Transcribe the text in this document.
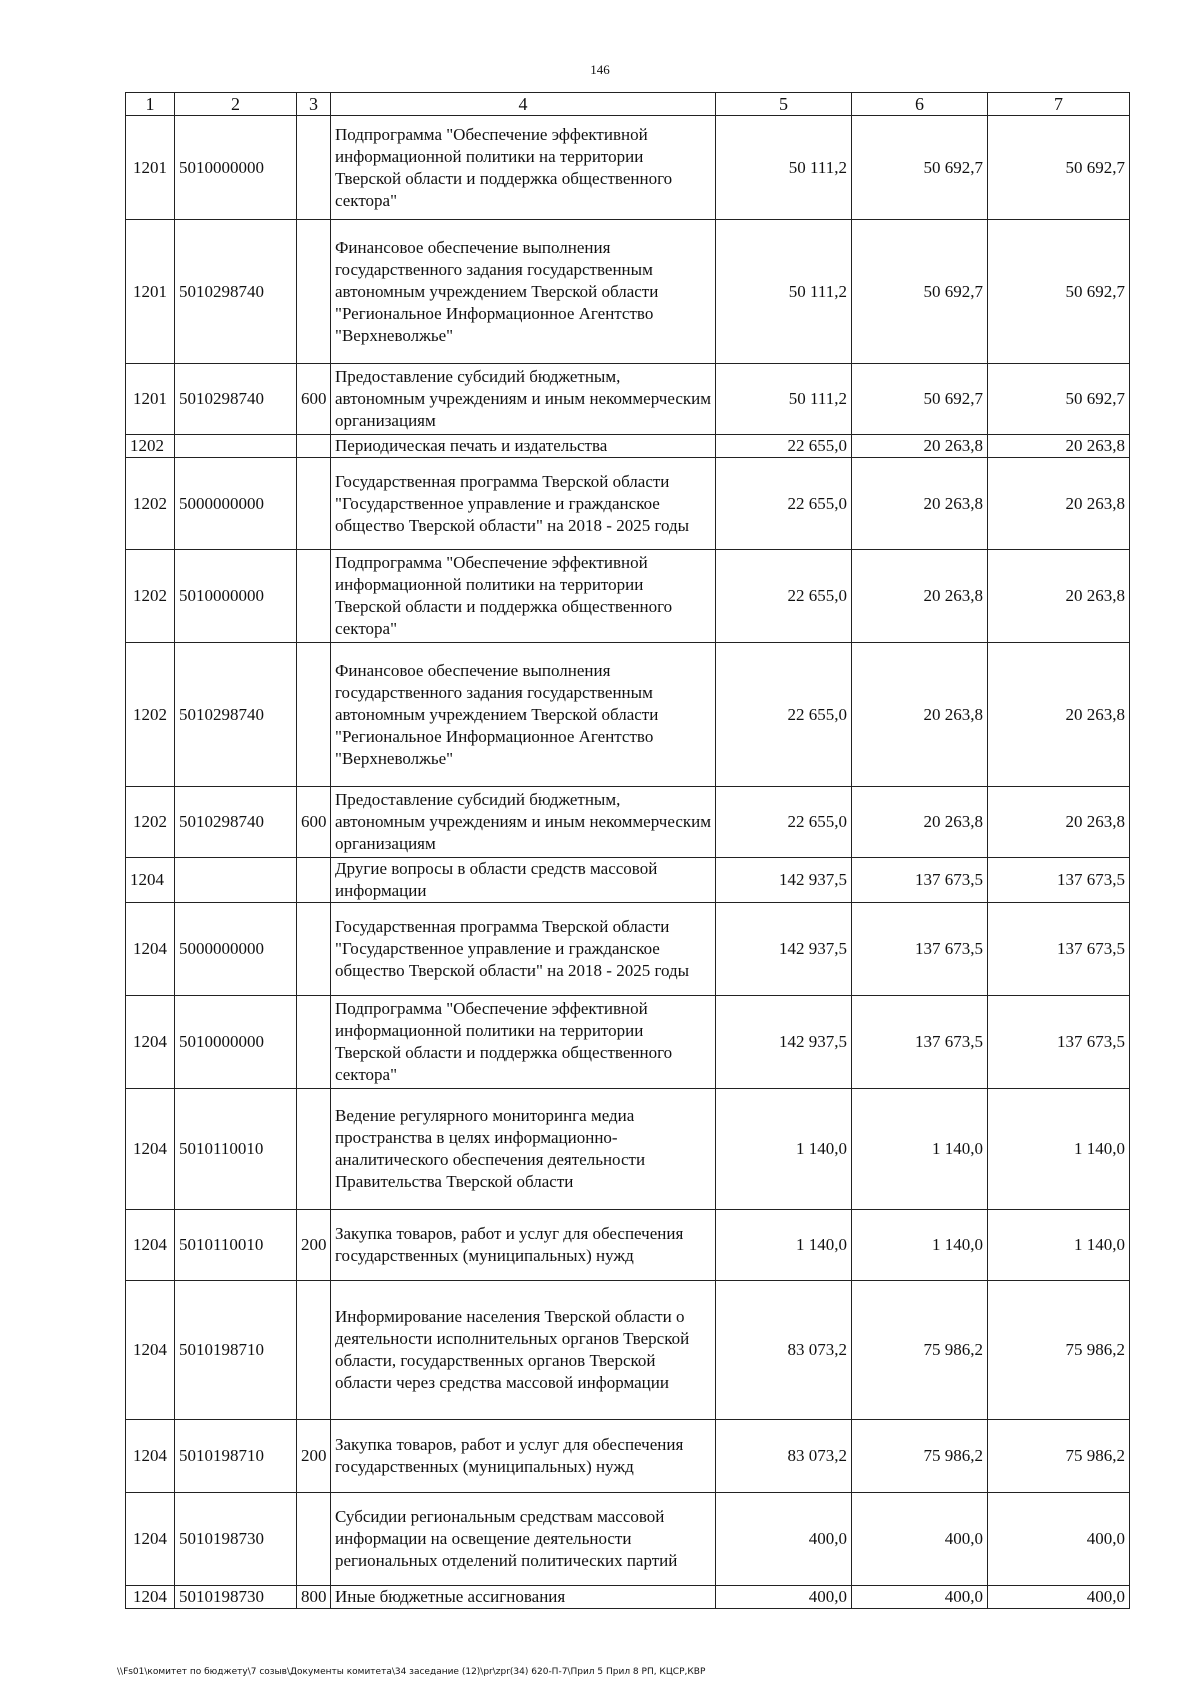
146
1	2	3	4	5	6	7
1201	5010000000		Подпрограмма "Обеспечение эффективной информационной политики на территории Тверской области и поддержка общественного сектора"	50 111,2	50 692,7	50 692,7
1201	5010298740		Финансовое обеспечение выполнения государственного задания государственным автономным учреждением Тверской области "Региональное Информационное Агентство "Верхневолжье"	50 111,2	50 692,7	50 692,7
1201	5010298740	600	Предоставление субсидий бюджетным, автономным учреждениям и иным некоммерческим организациям	50 111,2	50 692,7	50 692,7
1202			Периодическая печать и издательства	22 655,0	20 263,8	20 263,8
1202	5000000000		Государственная программа Тверской области "Государственное управление и гражданское общество Тверской области" на 2018 - 2025 годы	22 655,0	20 263,8	20 263,8
1202	5010000000		Подпрограмма "Обеспечение эффективной информационной политики на территории Тверской области и поддержка общественного сектора"	22 655,0	20 263,8	20 263,8
1202	5010298740		Финансовое обеспечение выполнения государственного задания государственным автономным учреждением Тверской области "Региональное Информационное Агентство "Верхневолжье"	22 655,0	20 263,8	20 263,8
1202	5010298740	600	Предоставление субсидий бюджетным, автономным учреждениям и иным некоммерческим организациям	22 655,0	20 263,8	20 263,8
1204			Другие вопросы в области средств массовой информации	142 937,5	137 673,5	137 673,5
1204	5000000000		Государственная программа Тверской области "Государственное управление и гражданское общество Тверской области" на 2018 - 2025 годы	142 937,5	137 673,5	137 673,5
1204	5010000000		Подпрограмма "Обеспечение эффективной информационной политики на территории Тверской области и поддержка общественного сектора"	142 937,5	137 673,5	137 673,5
1204	5010110010		Ведение регулярного мониторинга медиа пространства в целях информационно-аналитического обеспечения деятельности Правительства Тверской области	1 140,0	1 140,0	1 140,0
1204	5010110010	200	Закупка товаров, работ и услуг для обеспечения государственных (муниципальных) нужд	1 140,0	1 140,0	1 140,0
1204	5010198710		Информирование населения Тверской области о деятельности исполнительных органов Тверской области, государственных органов Тверской области через средства массовой информации	83 073,2	75 986,2	75 986,2
1204	5010198710	200	Закупка товаров, работ и услуг для обеспечения государственных (муниципальных) нужд	83 073,2	75 986,2	75 986,2
1204	5010198730		Субсидии региональным средствам массовой информации на освещение деятельности региональных отделений политических партий	400,0	400,0	400,0
1204	5010198730	800	Иные бюджетные ассигнования	400,0	400,0	400,0
\\Fs01\комитет по бюджету\7 созыв\Документы комитета\34 заседание (12)\pr\zpr(34) 620-П-7\Прил 5 Прил 8 РП, КЦСР,КВР
